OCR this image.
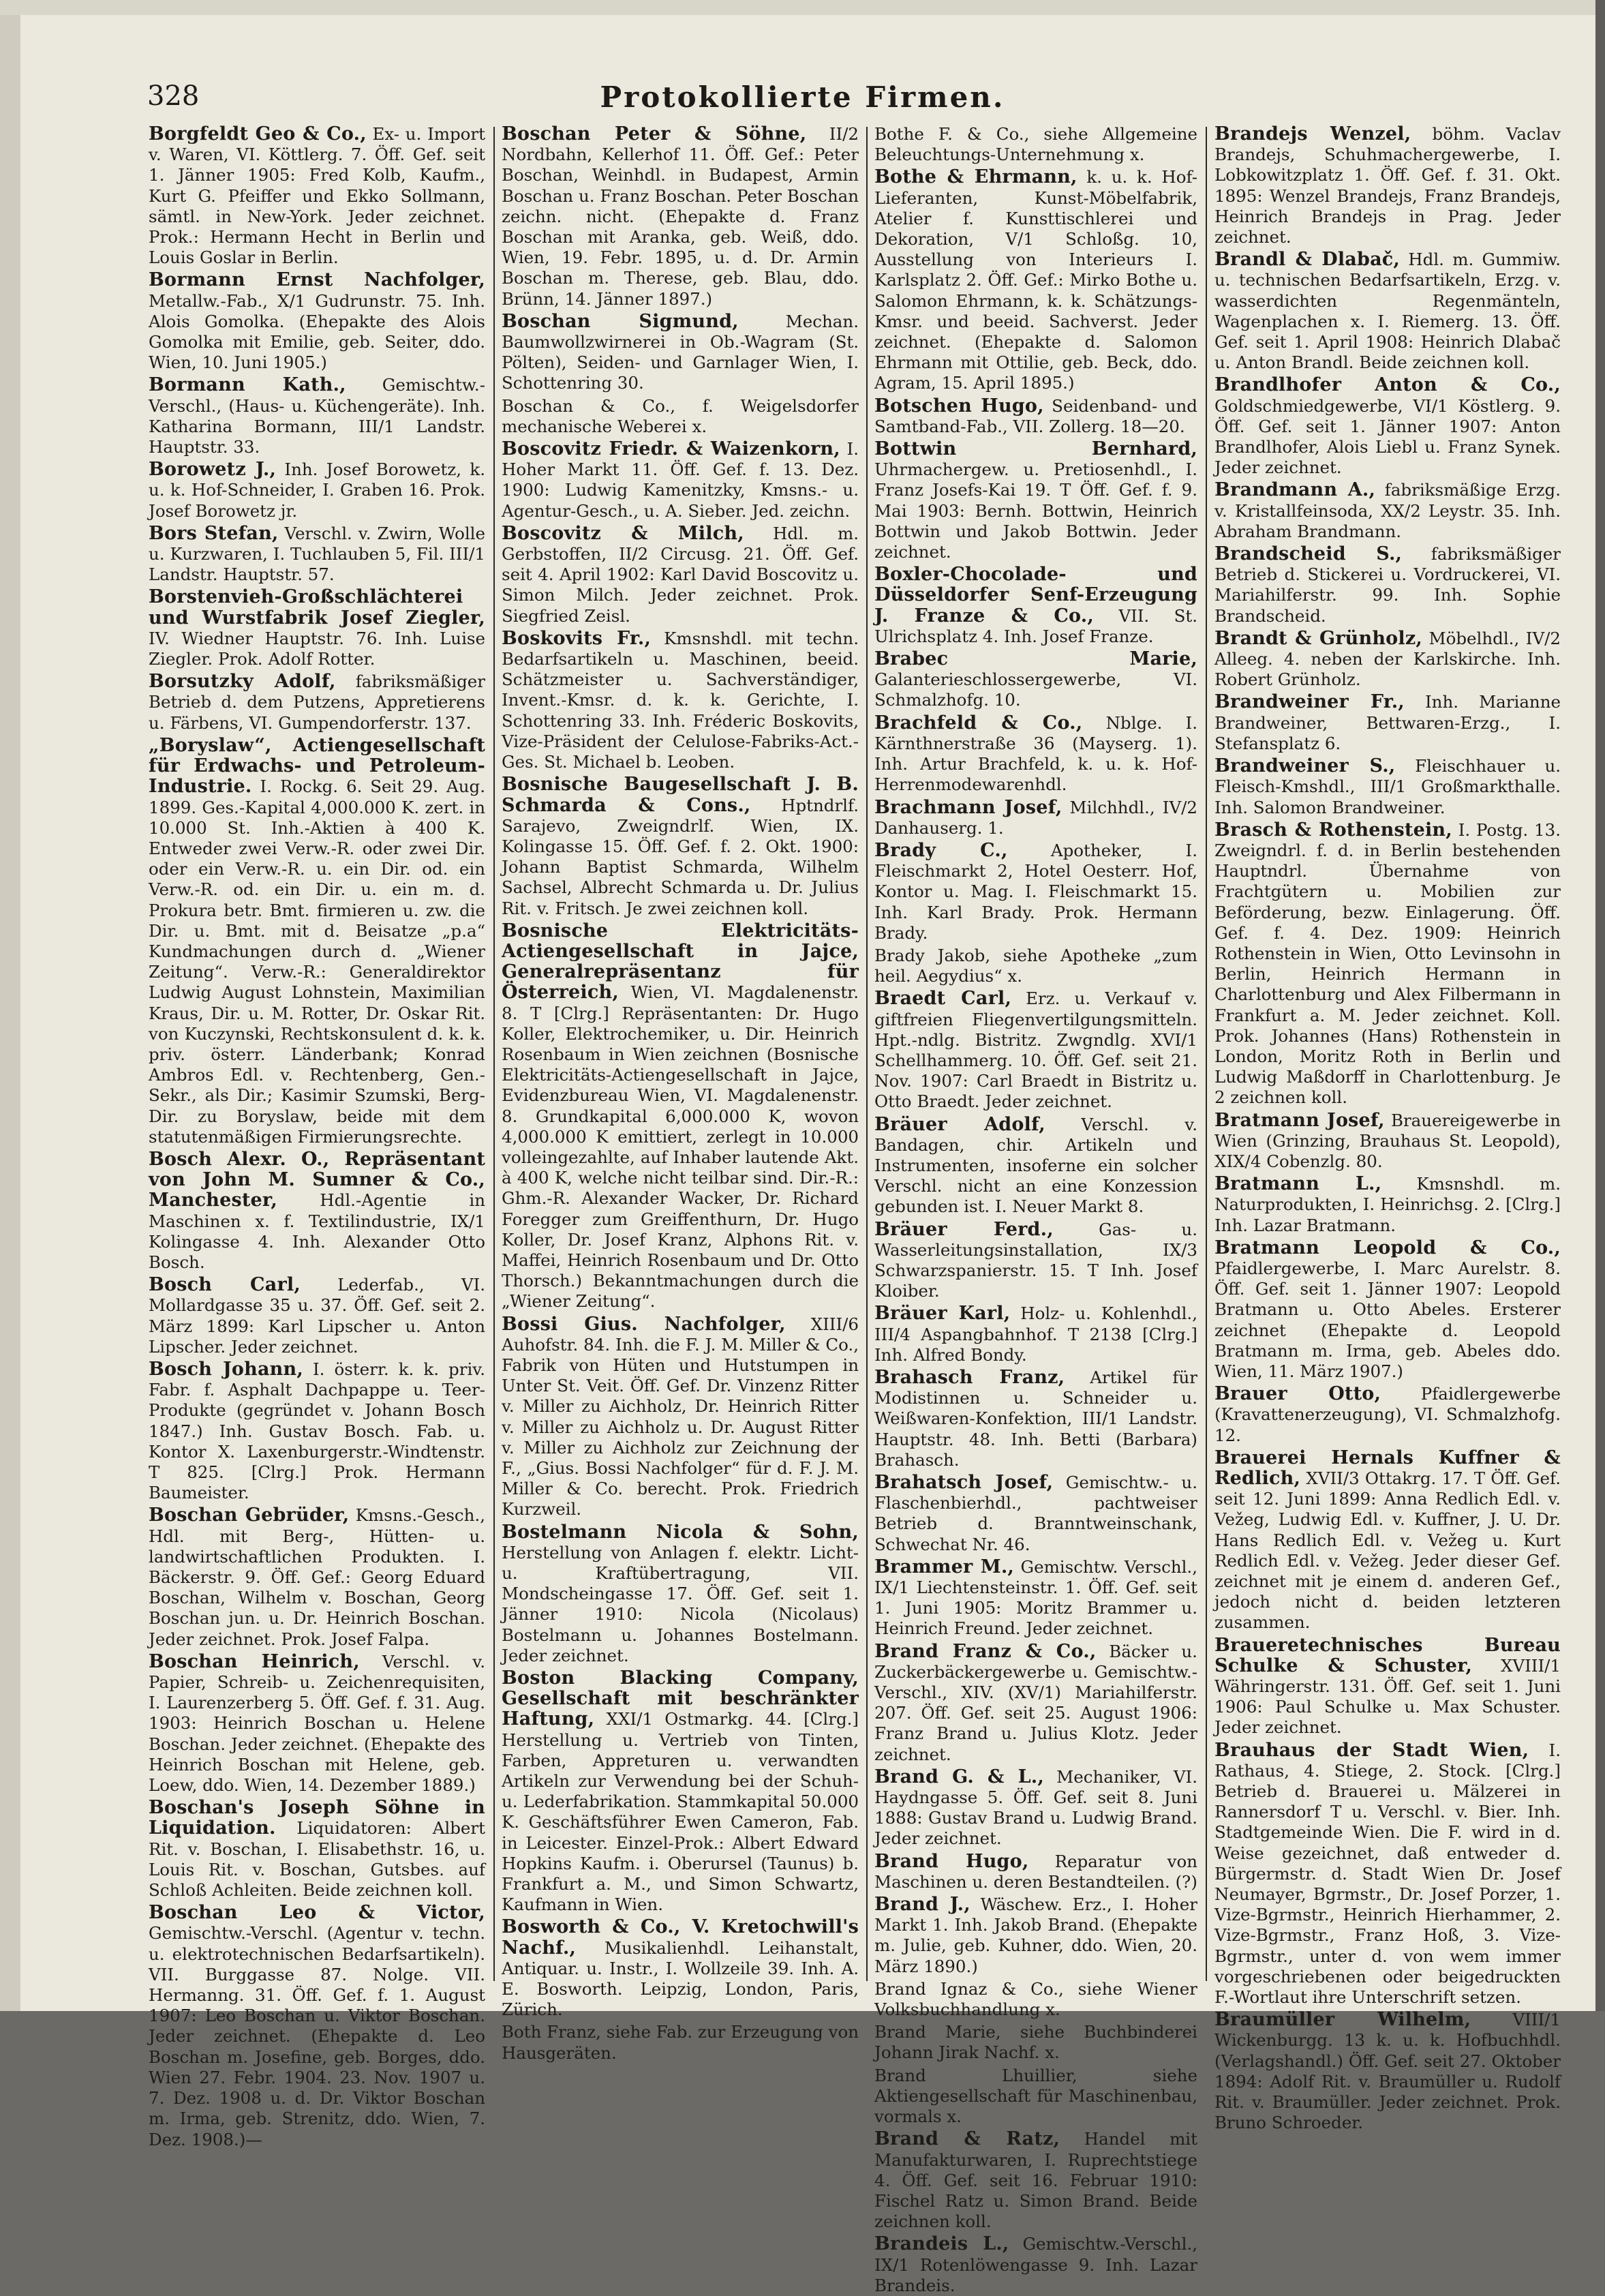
Protokollierte Firmen.
328

Borgfeldt Geo & Co., Ex- u. Import v. Waren, VI. Köttlerg. 7. Öff. Gef. seit 1. Jänner 1905: Fred Kolb, Kaufm., Kurt G. Pfeiffer und Ekko Sollmann, sämtl. in New-York. Jeder zeichnet. Prok.: Hermann Hecht in Berlin und Louis Goslar in Berlin.

Bormann Ernst Nachfolger, Metallw.-Fab., X/1 Gudrunstr. 75. Inh. Alois Gomolka. (Ehepakte des Alois Gomolka mit Emilie, geb. Seiter, ddo. Wien, 10. Juni 1905.)

Bormann Kath., Gemischtw.-Verschl., (Haus- u. Küchengeräte). Inh. Katharina Bormann, III/1 Landstr. Hauptstr. 33.

Borowetz J., Inh. Josef Borowetz, k. u. k. Hof-Schneider, I. Graben 16. Prok. Josef Borowetz jr.

Bors Stefan, Verschl. v. Zwirn, Wolle u. Kurzwaren, I. Tuchlauben 5, Fil. III/1 Landstr. Hauptstr. 57.

Borstenvieh-Großschlächterei und Wurstfabrik Josef Ziegler, IV. Wiedner Hauptstr. 76. Inh. Luise Ziegler. Prok. Adolf Rotter.

Borsutzky Adolf, fabriksmäßiger Betrieb d. dem Putzens, Appretierens u. Färbens, VI. Gumpendorferstr. 137.

„Boryslaw“, Actiengesellschaft für Erdwachs- und Petroleum-Industrie. I. Rockg. 6. Seit 29. Aug. 1899. Ges.-Kapital 4,000.000 K. zert. in 10.000 St. Inh.-Aktien à 400 K. Entweder zwei Verw.-R. oder zwei Dir. oder ein Verw.-R. u. ein Dir. od. ein Verw.-R. od. ein Dir. u. ein m. d. Prokura betr. Bmt. firmieren u. zw. die Dir. u. Bmt. mit d. Beisatze „p.a“ Kundmachungen durch d. „Wiener Zeitung“. Verw.-R.: Generaldirektor Ludwig August Lohnstein, Maximilian Kraus, Dir. u. M. Rotter, Dr. Oskar Rit. von Kuczynski, Rechtskonsulent d. k. k. priv. österr. Länderbank; Konrad Ambros Edl. v. Rechtenberg, Gen.-Sekr., als Dir.; Kasimir Szumski, Berg-Dir. zu Boryslaw, beide mit dem statutenmäßigen Firmierungsrechte.

Bosch Alexr. O., Repräsentant von John M. Sumner & Co., Manchester, Hdl.-Agentie in Maschinen x. f. Textilindustrie, IX/1 Kolingasse 4. Inh. Alexander Otto Bosch.

Bosch Carl, Lederfab., VI. Mollardgasse 35 u. 37. Öff. Gef. seit 2. März 1899: Karl Lipscher u. Anton Lipscher. Jeder zeichnet.

Bosch Johann, I. österr. k. k. priv. Fabr. f. Asphalt Dachpappe u. Teer-Produkte (gegründet v. Johann Bosch 1847.) Inh. Gustav Bosch. Fab. u. Kontor X. Laxenburgerstr.-Windtenstr. T 825. [Clrg.] Prok. Hermann Baumeister.

Boschan Gebrüder, Kmsns.-Gesch., Hdl. mit Berg-, Hütten- u. landwirtschaftlichen Produkten. I. Bäckerstr. 9. Öff. Gef.: Georg Eduard Boschan, Wilhelm v. Boschan, Georg Boschan jun. u. Dr. Heinrich Boschan. Jeder zeichnet. Prok. Josef Falpa.

Boschan Heinrich, Verschl. v. Papier, Schreib- u. Zeichenrequisiten, I. Laurenzerberg 5. Öff. Gef. f. 31. Aug. 1903: Heinrich Boschan u. Helene Boschan. Jeder zeichnet. (Ehepakte des Heinrich Boschan mit Helene, geb. Loew, ddo. Wien, 14. Dezember 1889.)

Boschan's Joseph Söhne in Liquidation. Liquidatoren: Albert Rit. v. Boschan, I. Elisabethstr. 16, u. Louis Rit. v. Boschan, Gutsbes. auf Schloß Achleiten. Beide zeichnen koll.

Boschan Leo & Victor, Gemischtw.-Verschl. (Agentur v. techn. u. elektrotechnischen Bedarfsartikeln). VII. Burggasse 87. Nolge. VII. Hermanng. 31. Öff. Gef. f. 1. August 1907: Leo Boschan u. Viktor Boschan. Jeder zeichnet. (Ehepakte d. Leo Boschan m. Josefine, geb. Borges, ddo. Wien 27. Febr. 1904. 23. Nov. 1907 u. 7. Dez. 1908 u. d. Dr. Viktor Boschan m. Irma, geb. Strenitz, ddo. Wien, 7. Dez. 1908.)—

Boschan Peter & Söhne, II/2 Nordbahn, Kellerhof 11. Öff. Gef.: Peter Boschan, Weinhdl. in Budapest, Armin Boschan u. Franz Boschan. Peter Boschan zeichn. nicht. (Ehepakte d. Franz Boschan mit Aranka, geb. Weiß, ddo. Wien, 19. Febr. 1895, u. d. Dr. Armin Boschan m. Therese, geb. Blau, ddo. Brünn, 14. Jänner 1897.)

Boschan Sigmund, Mechan. Baumwollzwirnerei in Ob.-Wagram (St. Pölten), Seiden- und Garnlager Wien, I. Schottenring 30.

Boschan & Co., f. Weigelsdorfer mechanische Weberei x.

Boscovitz Friedr. & Waizenkorn, I. Hoher Markt 11. Öff. Gef. f. 13. Dez. 1900: Ludwig Kamenitzky, Kmsns.- u. Agentur-Gesch., u. A. Sieber. Jed. zeichn.

Boscovitz & Milch, Hdl. m. Gerbstoffen, II/2 Circusg. 21. Öff. Gef. seit 4. April 1902: Karl David Boscovitz u. Simon Milch. Jeder zeichnet. Prok. Siegfried Zeisl.

Boskovits Fr., Kmsnshdl. mit techn. Bedarfsartikeln u. Maschinen, beeid. Schätzmeister u. Sachverständiger, Invent.-Kmsr. d. k. k. Gerichte, I. Schottenring 33. Inh. Fréderic Boskovits, Vize-Präsident der Celulose-Fabriks-Act.-Ges. St. Michael b. Leoben.

Bosnische Baugesellschaft J. B. Schmarda & Cons., Hptndrlf. Sarajevo, Zweigndrlf. Wien, IX. Kolingasse 15. Öff. Gef. f. 2. Okt. 1900: Johann Baptist Schmarda, Wilhelm Sachsel, Albrecht Schmarda u. Dr. Julius Rit. v. Fritsch. Je zwei zeichnen koll.

Bosnische Elektricitäts-Actiengesellschaft in Jajce, Generalrepräsentanz für Österreich, Wien, VI. Magdalenenstr. 8. T [Clrg.] Repräsentanten: Dr. Hugo Koller, Elektrochemiker, u. Dir. Heinrich Rosenbaum in Wien zeichnen (Bosnische Elektricitäts-Actiengesellschaft in Jajce, Evidenzbureau Wien, VI. Magdalenenstr. 8. Grundkapital 6,000.000 K, wovon 4,000.000 K emittiert, zerlegt in 10.000 volleingezahlte, auf Inhaber lautende Akt. à 400 K, welche nicht teilbar sind. Dir.-R.: Ghm.-R. Alexander Wacker, Dr. Richard Foregger zum Greiffenthurn, Dr. Hugo Koller, Dr. Josef Kranz, Alphons Rit. v. Maffei, Heinrich Rosenbaum und Dr. Otto Thorsch.) Bekanntmachungen durch die „Wiener Zeitung“.

Bossi Gius. Nachfolger, XIII/6 Auhofstr. 84. Inh. die F. J. M. Miller & Co., Fabrik von Hüten und Hutstumpen in Unter St. Veit. Öff. Gef. Dr. Vinzenz Ritter v. Miller zu Aichholz, Dr. Heinrich Ritter v. Miller zu Aichholz u. Dr. August Ritter v. Miller zu Aichholz zur Zeichnung der F., „Gius. Bossi Nachfolger“ für d. F. J. M. Miller & Co. berecht. Prok. Friedrich Kurzweil.

Bostelmann Nicola & Sohn, Herstellung von Anlagen f. elektr. Licht- u. Kraftübertragung, VII. Mondscheingasse 17. Öff. Gef. seit 1. Jänner 1910: Nicola (Nicolaus) Bostelmann u. Johannes Bostelmann. Jeder zeichnet.

Boston Blacking Company, Gesellschaft mit beschränkter Haftung, XXI/1 Ostmarkg. 44. [Clrg.] Herstellung u. Vertrieb von Tinten, Farben, Appreturen u. verwandten Artikeln zur Verwendung bei der Schuh- u. Lederfabrikation. Stammkapital 50.000 K. Geschäftsführer Ewen Cameron, Fab. in Leicester. Einzel-Prok.: Albert Edward Hopkins Kaufm. i. Oberursel (Taunus) b. Frankfurt a. M., und Simon Schwartz, Kaufmann in Wien.

Bosworth & Co., V. Kretochwill's Nachf., Musikalienhdl. Leihanstalt, Antiquar. u. Instr., I. Wollzeile 39. Inh. A. E. Bosworth. Leipzig, London, Paris, Zürich.

Both Franz, siehe Fab. zur Erzeugung von Hausgeräten.

Bothe F. & Co., siehe Allgemeine Beleuchtungs-Unternehmung x.

Bothe & Ehrmann, k. u. k. Hof-Lieferanten, Kunst-Möbelfabrik, Atelier f. Kunsttischlerei und Dekoration, V/1 Schloßg. 10, Ausstellung von Interieurs I. Karlsplatz 2. Öff. Gef.: Mirko Bothe u. Salomon Ehrmann, k. k. Schätzungs-Kmsr. und beeid. Sachverst. Jeder zeichnet. (Ehepakte d. Salomon Ehrmann mit Ottilie, geb. Beck, ddo. Agram, 15. April 1895.)

Botschen Hugo, Seidenband- und Samtband-Fab., VII. Zollerg. 18—20.

Bottwin Bernhard, Uhrmachergew. u. Pretiosenhdl., I. Franz Josefs-Kai 19. T Öff. Gef. f. 9. Mai 1903: Bernh. Bottwin, Heinrich Bottwin und Jakob Bottwin. Jeder zeichnet.

Boxler-Chocolade- und Düsseldorfer Senf-Erzeugung J. Franze & Co., VII. St. Ulrichsplatz 4. Inh. Josef Franze.

Brabec Marie, Galanterieschlossergewerbe, VI. Schmalzhofg. 10.

Brachfeld & Co., Nblge. I. Kärnthnerstraße 36 (Mayserg. 1). Inh. Artur Brachfeld, k. u. k. Hof-Herrenmodewarenhdl.

Brachmann Josef, Milchhdl., IV/2 Danhauserg. 1.

Brady C., Apotheker, I. Fleischmarkt 2, Hotel Oesterr. Hof, Kontor u. Mag. I. Fleischmarkt 15. Inh. Karl Brady. Prok. Hermann Brady.

Brady Jakob, siehe Apotheke „zum heil. Aegydius“ x.

Braedt Carl, Erz. u. Verkauf v. giftfreien Fliegenvertilgungsmitteln. Hpt.-ndlg. Bistritz. Zwgndlg. XVI/1 Schellhammerg. 10. Öff. Gef. seit 21. Nov. 1907: Carl Braedt in Bistritz u. Otto Braedt. Jeder zeichnet.

Bräuer Adolf, Verschl. v. Bandagen, chir. Artikeln und Instrumenten, insoferne ein solcher Verschl. nicht an eine Konzession gebunden ist. I. Neuer Markt 8.

Bräuer Ferd., Gas- u. Wasserleitungsinstallation, IX/3 Schwarzspanierstr. 15. T Inh. Josef Kloiber.

Bräuer Karl, Holz- u. Kohlenhdl., III/4 Aspangbahnhof. T 2138 [Clrg.] Inh. Alfred Bondy.

Brahasch Franz, Artikel für Modistinnen u. Schneider u. Weißwaren-Konfektion, III/1 Landstr. Hauptstr. 48. Inh. Betti (Barbara) Brahasch.

Brahatsch Josef, Gemischtw.- u. Flaschenbierhdl., pachtweiser Betrieb d. Branntweinschank, Schwechat Nr. 46.

Brammer M., Gemischtw. Verschl., IX/1 Liechtensteinstr. 1. Öff. Gef. seit 1. Juni 1905: Moritz Brammer u. Heinrich Freund. Jeder zeichnet.

Brand Franz & Co., Bäcker u. Zuckerbäckergewerbe u. Gemischtw.-Verschl., XIV. (XV/1) Mariahilferstr. 207. Öff. Gef. seit 25. August 1906: Franz Brand u. Julius Klotz. Jeder zeichnet.

Brand G. & L., Mechaniker, VI. Haydngasse 5. Öff. Gef. seit 8. Juni 1888: Gustav Brand u. Ludwig Brand. Jeder zeichnet.

Brand Hugo, Reparatur von Maschinen u. deren Bestandteilen. (?)

Brand J., Wäschew. Erz., I. Hoher Markt 1. Inh. Jakob Brand. (Ehepakte m. Julie, geb. Kuhner, ddo. Wien, 20. März 1890.)

Brand Ignaz & Co., siehe Wiener Volksbuchhandlung x.

Brand Marie, siehe Buchbinderei Johann Jirak Nachf. x.

Brand Lhuillier, siehe Aktiengesellschaft für Maschinenbau, vormals x.

Brand & Ratz, Handel mit Manufakturwaren, I. Ruprechtstiege 4. Öff. Gef. seit 16. Februar 1910: Fischel Ratz u. Simon Brand. Beide zeichnen koll.

Brandeis L., Gemischtw.-Verschl., IX/1 Rotenlöwengasse 9. Inh. Lazar Brandeis.

Brandejs Wenzel, böhm. Vaclav Brandejs, Schuhmachergewerbe, I. Lobkowitzplatz 1. Öff. Gef. f. 31. Okt. 1895: Wenzel Brandejs, Franz Brandejs, Heinrich Brandejs in Prag. Jeder zeichnet.

Brandl & Dlabač, Hdl. m. Gummiw. u. technischen Bedarfsartikeln, Erzg. v. wasserdichten Regenmänteln, Wagenplachen x. I. Riemerg. 13. Öff. Gef. seit 1. April 1908: Heinrich Dlabač u. Anton Brandl. Beide zeichnen koll.

Brandlhofer Anton & Co., Goldschmiedgewerbe, VI/1 Köstlerg. 9. Öff. Gef. seit 1. Jänner 1907: Anton Brandlhofer, Alois Liebl u. Franz Synek. Jeder zeichnet.

Brandmann A., fabriksmäßige Erzg. v. Kristallfeinsoda, XX/2 Leystr. 35. Inh. Abraham Brandmann.

Brandscheid S., fabriksmäßiger Betrieb d. Stickerei u. Vordruckerei, VI. Mariahilferstr. 99. Inh. Sophie Brandscheid.

Brandt & Grünholz, Möbelhdl., IV/2 Alleeg. 4. neben der Karlskirche. Inh. Robert Grünholz.

Brandweiner Fr., Inh. Marianne Brandweiner, Bettwaren-Erzg., I. Stefansplatz 6.

Brandweiner S., Fleischhauer u. Fleisch-Kmshdl., III/1 Großmarkthalle. Inh. Salomon Brandweiner.

Brasch & Rothenstein, I. Postg. 13. Zweigndrl. f. d. in Berlin bestehenden Hauptndrl. Übernahme von Frachtgütern u. Mobilien zur Beförderung, bezw. Einlagerung. Öff. Gef. f. 4. Dez. 1909: Heinrich Rothenstein in Wien, Otto Levinsohn in Berlin, Heinrich Hermann in Charlottenburg und Alex Filbermann in Frankfurt a. M. Jeder zeichnet. Koll. Prok. Johannes (Hans) Rothenstein in London, Moritz Roth in Berlin und Ludwig Maßdorff in Charlottenburg. Je 2 zeichnen koll.

Bratmann Josef, Brauereigewerbe in Wien (Grinzing, Brauhaus St. Leopold), XIX/4 Cobenzlg. 80.

Bratmann L., Kmsnshdl. m. Naturprodukten, I. Heinrichsg. 2. [Clrg.] Inh. Lazar Bratmann.

Bratmann Leopold & Co., Pfaidlergewerbe, I. Marc Aurelstr. 8. Öff. Gef. seit 1. Jänner 1907: Leopold Bratmann u. Otto Abeles. Ersterer zeichnet (Ehepakte d. Leopold Bratmann m. Irma, geb. Abeles ddo. Wien, 11. März 1907.)

Brauer Otto, Pfaidlergewerbe (Kravattenerzeugung), VI. Schmalzhofg. 12.

Brauerei Hernals Kuffner & Redlich, XVII/3 Ottakrg. 17. T Öff. Gef. seit 12. Juni 1899: Anna Redlich Edl. v. Vežeg, Ludwig Edl. v. Kuffner, J. U. Dr. Hans Redlich Edl. v. Vežeg u. Kurt Redlich Edl. v. Vežeg. Jeder dieser Gef. zeichnet mit je einem d. anderen Gef., jedoch nicht d. beiden letzteren zusammen.

Braueretechnisches Bureau Schulke & Schuster, XVIII/1 Währingerstr. 131. Öff. Gef. seit 1. Juni 1906: Paul Schulke u. Max Schuster. Jeder zeichnet.

Brauhaus der Stadt Wien, I. Rathaus, 4. Stiege, 2. Stock. [Clrg.] Betrieb d. Brauerei u. Mälzerei in Rannersdorf T u. Verschl. v. Bier. Inh. Stadtgemeinde Wien. Die F. wird in d. Weise gezeichnet, daß entweder d. Bürgermstr. d. Stadt Wien Dr. Josef Neumayer, Bgrmstr., Dr. Josef Porzer, 1. Vize-Bgrmstr., Heinrich Hierhammer, 2. Vize-Bgrmstr., Franz Hoß, 3. Vize-Bgrmstr., unter d. von wem immer vorgeschriebenen oder beigedruckten F.-Wortlaut ihre Unterschrift setzen.

Braumüller Wilhelm, VIII/1 Wickenburgg. 13 k. u. k. Hofbuchhdl. (Verlagshandl.) Öff. Gef. seit 27. Oktober 1894: Adolf Rit. v. Braumüller u. Rudolf Rit. v. Braumüller. Jeder zeichnet. Prok. Bruno Schroeder.
